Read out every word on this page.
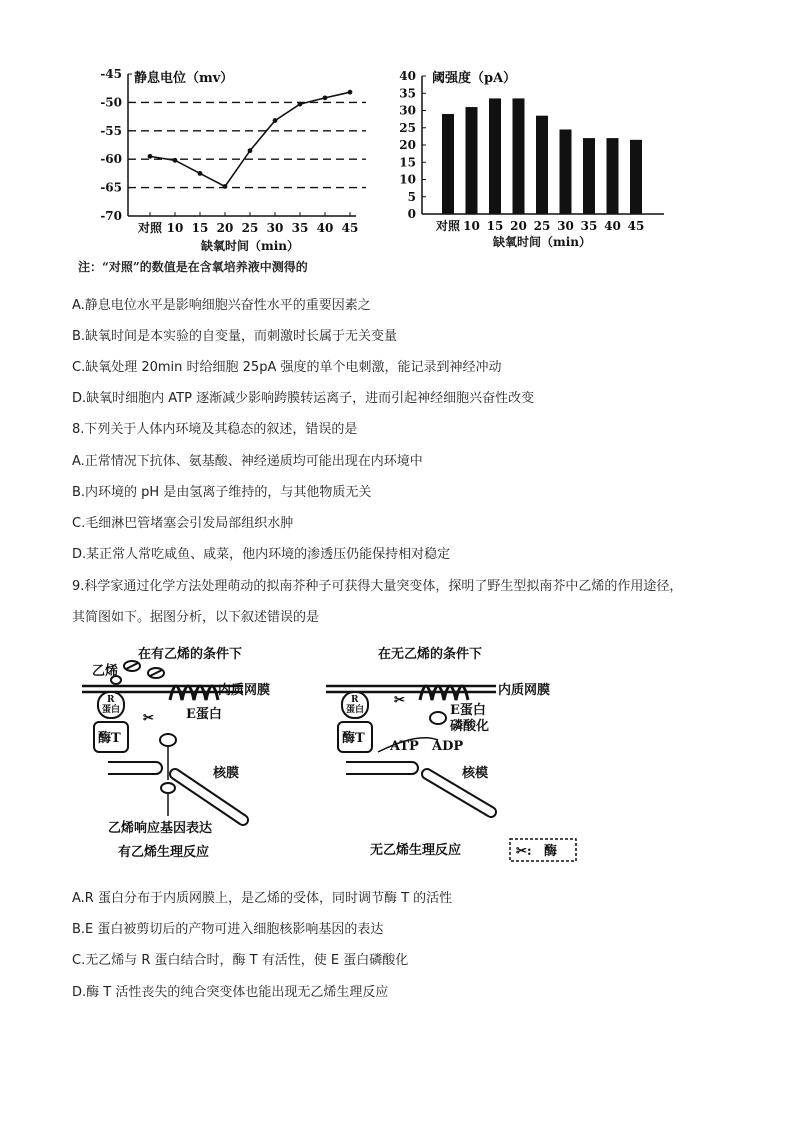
-45
-50
-55
-60
-65
-70
对照 10 15 20 25 30 35 40 45
静息电位（mv）
缺氧时间（min）
40
35
30
25
20
15
10
5
0
对照 10 15 20 25 30 35 40 45
阈强度（pA）
缺氧时间（min）
注：“对照”的数值是在含氧培养液中测得的
A.静息电位水平是影响细胞兴奋性水平的重要因素之
B.缺氧时间是本实验的自变量，而刺激时长属于无关变量
C.缺氧处理 20min 时给细胞 25pA 强度的单个电刺激，能记录到神经冲动
D.缺氧时细胞内 ATP 逐渐减少影响跨膜转运离子，进而引起神经细胞兴奋性改变
8.下列关于人体内环境及其稳态的叙述，错误的是
A.正常情况下抗体、氨基酸、神经递质均可能出现在内环境中
B.内环境的 pH 是由氢离子维持的，与其他物质无关
C.毛细淋巴管堵塞会引发局部组织水肿
D.某正常人常吃咸鱼、咸菜，他内环境的渗透压仍能保持相对稳定
9.科学家通过化学方法处理萌动的拟南芥种子可获得大量突变体，探明了野生型拟南芥中乙烯的作用途径，
其简图如下。据图分析，以下叙述错误的是
在有乙烯的条件下
乙烯
内质网膜
E蛋白
✂
R
蛋白
酶T
核膜
乙烯响应基因表达
有乙烯生理反应
在无乙烯的条件下
内质网膜
R
蛋白
酶T
✂
E蛋白
磷酸化
ATP ADP
核模
无乙烯生理反应	✂: 酶
A.R 蛋白分布于内质网膜上，是乙烯的受体，同时调节酶 T 的活性
B.E 蛋白被剪切后的产物可进入细胞核影响基因的表达
C.无乙烯与 R 蛋白结合时，酶 T 有活性，使 E 蛋白磷酸化
D.酶 T 活性丧失的纯合突变体也能出现无乙烯生理反应
